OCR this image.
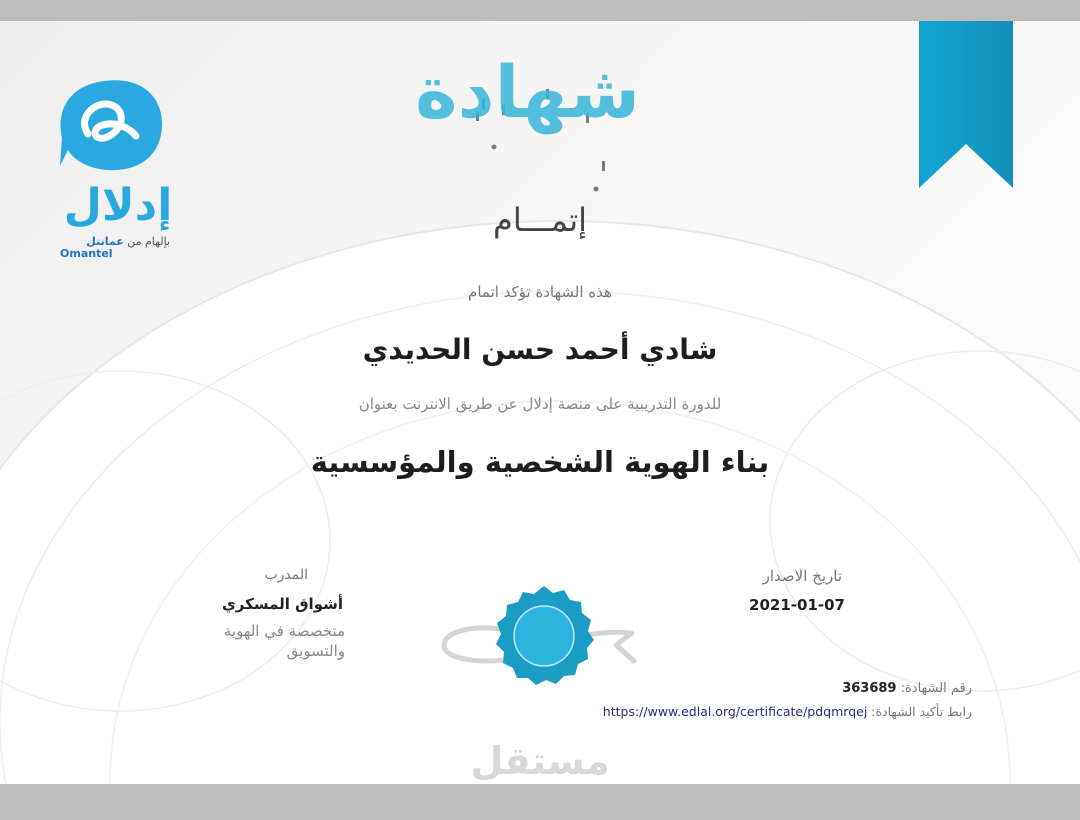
إدلال
بإلهام من عمانتل
Omantel
شهادة
إتمـــام
هذه الشهادة تؤكد اتمام
شادي أحمد حسن الحديدي
للدورة التدريبية على منصة إدلال عن طريق الانترنت بعنوان
بناء الهوية الشخصية والمؤسسية
تاريخ الاصدار
2021-01-07
المدرب
أشواق المسكري
متخصصة في الهوية والتسويق
رقم الشهادة: 363689
رابط تأكيد الشهادة: https://www.edlal.org/certificate/pdqmrqej
مستقل
